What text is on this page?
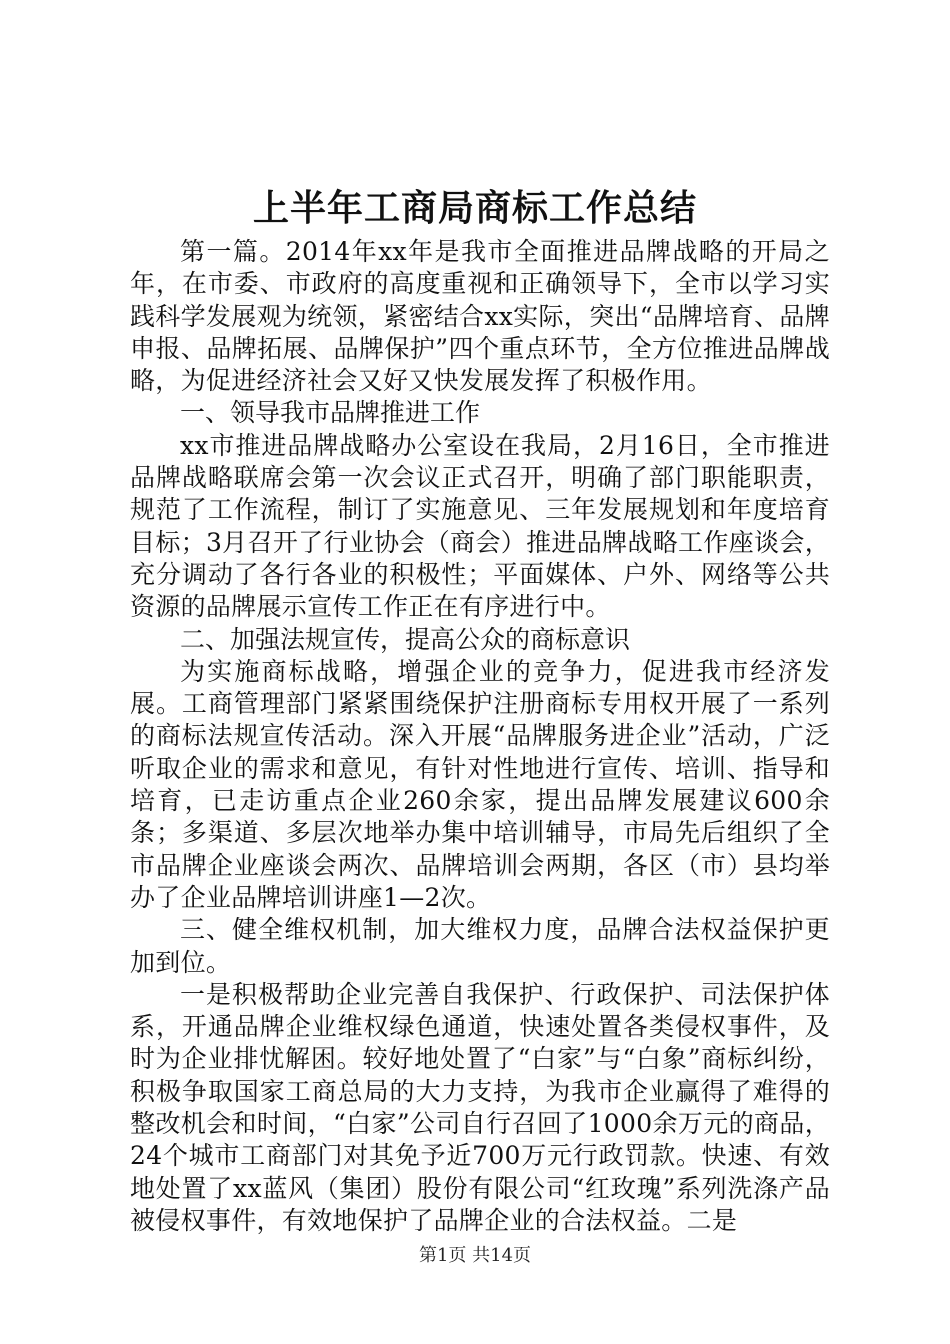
上半年工商局商标工作总结

第一篇。2014年xx年是我市全面推进品牌战略的开局之年，在市委、市政府的高度重视和正确领导下，全市以学习实践科学发展观为统领，紧密结合xx实际，突出“品牌培育、品牌申报、品牌拓展、品牌保护”四个重点环节，全方位推进品牌战略，为促进经济社会又好又快发展发挥了积极作用。

一、领导我市品牌推进工作

xx市推进品牌战略办公室设在我局，2月16日，全市推进品牌战略联席会第一次会议正式召开，明确了部门职能职责，规范了工作流程，制订了实施意见、三年发展规划和年度培育目标；3月召开了行业协会（商会）推进品牌战略工作座谈会，充分调动了各行各业的积极性；平面媒体、户外、网络等公共资源的品牌展示宣传工作正在有序进行中。

二、加强法规宣传，提高公众的商标意识

为实施商标战略，增强企业的竞争力，促进我市经济发展。工商管理部门紧紧围绕保护注册商标专用权开展了一系列的商标法规宣传活动。深入开展“品牌服务进企业”活动，广泛听取企业的需求和意见，有针对性地进行宣传、培训、指导和培育，已走访重点企业260余家，提出品牌发展建议600余条；多渠道、多层次地举办集中培训辅导，市局先后组织了全市品牌企业座谈会两次、品牌培训会两期，各区（市）县均举办了企业品牌培训讲座1—2次。

三、健全维权机制，加大维权力度，品牌合法权益保护更加到位。

一是积极帮助企业完善自我保护、行政保护、司法保护体系，开通品牌企业维权绿色通道，快速处置各类侵权事件，及时为企业排忧解困。较好地处置了“白家”与“白象”商标纠纷，积极争取国家工商总局的大力支持，为我市企业赢得了难得的整改机会和时间，“白家”公司自行召回了1000余万元的商品，24个城市工商部门对其免予近700万元行政罚款。快速、有效地处置了xx蓝风（集团）股份有限公司“红玫瑰”系列洗涤产品被侵权事件，有效地保护了品牌企业的合法权益。二是

第1页 共14页
